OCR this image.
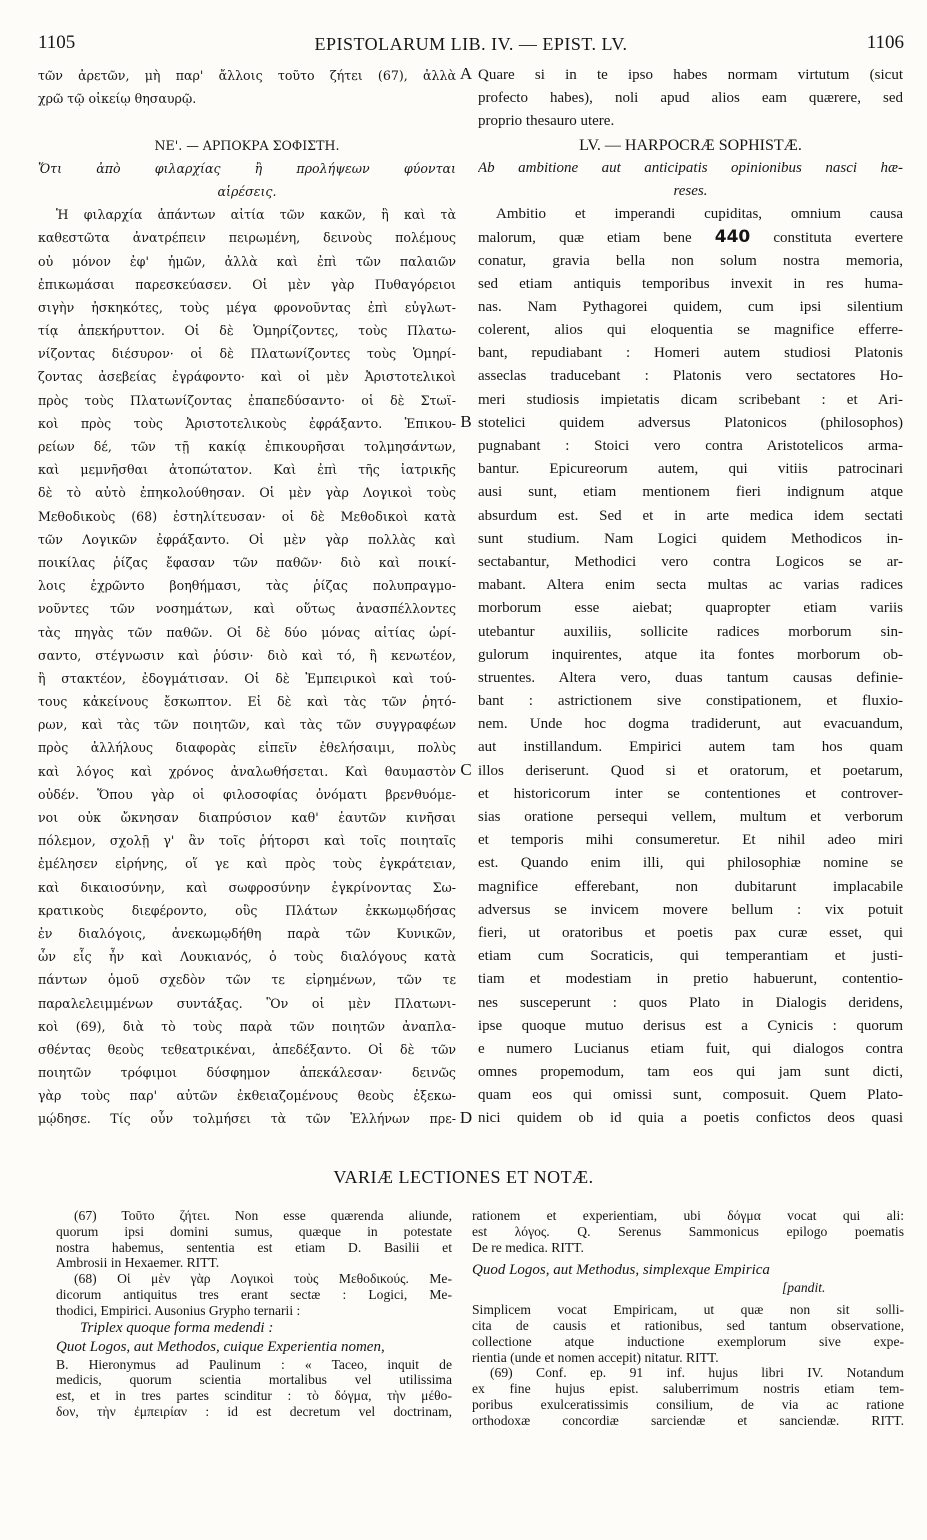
1105	EPISTOLARUM LIB. IV. — EPIST. LV.	1106
τῶν ἀρετῶν, μὴ παρ' ἄλλοις τοῦτο ζήτει (67), ἀλλὰ
χρῶ τῷ οἰκείῳ θησαυρῷ.
ΝΕ'. — ΑΡΠΟΚΡΑ ΣΟΦΙΣΤΗ.
Ὅτι ἀπὸ φιλαρχίας ἢ προλήψεων φύονται
αἱρέσεις.
Ἡ φιλαρχία ἁπάντων αἰτία τῶν κακῶν, ἣ καὶ τὰ
καθεστῶτα ἀνατρέπειν πειρωμένη, δεινοὺς πολέμους
οὐ μόνον ἐφ' ἡμῶν, ἀλλὰ καὶ ἐπὶ τῶν παλαιῶν
ἐπικωμάσαι παρεσκεύασεν. Οἱ μὲν γὰρ Πυθαγόρειοι
σιγὴν ἠσκηκότες, τοὺς μέγα φρονοῦντας ἐπὶ εὐγλωτ-
τίᾳ ἀπεκήρυττον. Οἱ δὲ Ὁμηρίζοντες, τοὺς Πλατω-
νίζοντας διέσυρον· οἱ δὲ Πλατωνίζοντες τοὺς Ὁμηρί-
ζοντας ἀσεβείας ἐγράφοντο· καὶ οἱ μὲν Ἀριστοτελικοὶ
πρὸς τοὺς Πλατωνίζοντας ἐπαπεδύσαντο· οἱ δὲ Στωϊ-
κοὶ πρὸς τοὺς Ἀριστοτελικοὺς ἐφράξαντο. Ἐπικου-
ρείων δέ, τῶν τῇ κακίᾳ ἐπικουρῆσαι τολμησάντων,
καὶ μεμνῆσθαι ἀτοπώτατον. Καὶ ἐπὶ τῆς ἰατρικῆς
δὲ τὸ αὐτὸ ἐπηκολούθησαν. Οἱ μὲν γὰρ Λογικοὶ τοὺς
Μεθοδικοὺς (68) ἐστηλίτευσαν· οἱ δὲ Μεθοδικοὶ κατὰ
τῶν Λογικῶν ἐφράξαντο. Οἱ μὲν γὰρ πολλὰς καὶ
ποικίλας ῥίζας ἔφασαν τῶν παθῶν· διὸ καὶ ποικί-
λοις ἐχρῶντο βοηθήμασι, τὰς ῥίζας πολυπραγμο-
νοῦντες τῶν νοσημάτων, καὶ οὕτως ἀνασπέλλοντες
τὰς πηγὰς τῶν παθῶν. Οἱ δὲ δύο μόνας αἰτίας ὡρί-
σαντο, στέγνωσιν καὶ ῥύσιν· διὸ καὶ τό, ἢ κενωτέον,
ἢ στακτέον, ἐδογμάτισαν. Οἱ δὲ Ἐμπειρικοὶ καὶ τού-
τους κἀκείνους ἔσκωπτον. Εἰ δὲ καὶ τὰς τῶν ῥητό-
ρων, καὶ τὰς τῶν ποιητῶν, καὶ τὰς τῶν συγγραφέων
πρὸς ἀλλήλους διαφορὰς εἰπεῖν ἐθελήσαιμι, πολὺς
καὶ λόγος καὶ χρόνος ἀναλωθήσεται. Καὶ θαυμαστὸν
οὐδέν. Ὅπου γὰρ οἱ φιλοσοφίας ὀνόματι βρενθυόμε-
νοι οὐκ ὤκνησαν διαπρύσιον καθ' ἑαυτῶν κινῆσαι
πόλεμον, σχολῇ γ' ἂν τοῖς ῥήτορσι καὶ τοῖς ποιηταῖς
ἐμέλησεν εἰρήνης, οἵ γε καὶ πρὸς τοὺς ἐγκράτειαν,
καὶ δικαιοσύνην, καὶ σωφροσύνην ἐγκρίνοντας Σω-
κρατικοὺς διεφέροντο, οὓς Πλάτων ἐκκωμῳδήσας
ἐν διαλόγοις, ἀνεκωμῳδήθη παρὰ τῶν Κυνικῶν,
ὧν εἷς ἦν καὶ Λουκιανός, ὁ τοὺς διαλόγους κατὰ
πάντων ὁμοῦ σχεδὸν τῶν τε εἰρημένων, τῶν τε
παραλελειμμένων συντάξας. Ὃν οἱ μὲν Πλατωνι-
κοὶ (69), διὰ τὸ τοὺς παρὰ τῶν ποιητῶν ἀναπλα-
σθέντας θεοὺς τεθεατρικέναι, ἀπεδέξαντο. Οἱ δὲ τῶν
ποιητῶν τρόφιμοι δύσφημον ἀπεκάλεσαν· δεινῶς
γὰρ τοὺς παρ' αὐτῶν ἐκθειαζομένους θεοὺς ἐξεκω-
μῴδησε. Τίς οὖν τολμήσει τὰ τῶν Ἑλλήνων πρε-
A
B
C
D
Quare si in te ipso habes normam virtutum (sicut
profecto habes), noli apud alios eam quærere, sed
proprio thesauro utere.
LV. — HARPOCRÆ SOPHISTÆ.
Ab ambitione aut anticipatis opinionibus nasci hæ-
reses.
Ambitio et imperandi cupiditas, omnium causa
malorum, quæ etiam bene 440 constituta evertere
conatur, gravia bella non solum nostra memoria,
sed etiam antiquis temporibus invexit in res huma-
nas. Nam Pythagorei quidem, cum ipsi silentium
colerent, alios qui eloquentia se magnifice efferre-
bant, repudiabant : Homeri autem studiosi Platonis
asseclas traducebant : Platonis vero sectatores Ho-
meri studiosis impietatis dicam scribebant : et Ari-
stotelici quidem adversus Platonicos (philosophos)
pugnabant : Stoici vero contra Aristotelicos arma-
bantur. Epicureorum autem, qui vitiis patrocinari
ausi sunt, etiam mentionem fieri indignum atque
absurdum est. Sed et in arte medica idem sectati
sunt studium. Nam Logici quidem Methodicos in-
sectabantur, Methodici vero contra Logicos se ar-
mabant. Altera enim secta multas ac varias radices
morborum esse aiebat; quapropter etiam variis
utebantur auxiliis, sollicite radices morborum sin-
gulorum inquirentes, atque ita fontes morborum ob-
struentes. Altera vero, duas tantum causas definie-
bant : astrictionem sive constipationem, et fluxio-
nem. Unde hoc dogma tradiderunt, aut evacuandum,
aut instillandum. Empirici autem tam hos quam
illos deriserunt. Quod si et oratorum, et poetarum,
et historicorum inter se contentiones et controver-
sias oratione persequi vellem, multum et verborum
et temporis mihi consumeretur. Et nihil adeo miri
est. Quando enim illi, qui philosophiæ nomine se
magnifice efferebant, non dubitarunt implacabile
adversus se invicem movere bellum : vix potuit
fieri, ut oratoribus et poetis pax curæ esset, qui
etiam cum Socraticis, qui temperantiam et justi-
tiam et modestiam in pretio habuerunt, contentio-
nes susceperunt : quos Plato in Dialogis deridens,
ipse quoque mutuo derisus est a Cynicis : quorum
e numero Lucianus etiam fuit, qui dialogos contra
omnes propemodum, tam eos qui jam sunt dicti,
quam eos qui omissi sunt, composuit. Quem Plato-
nici quidem ob id quia a poetis confictos deos quasi
VARIÆ LECTIONES ET NOTÆ.
(67) Τοῦτο ζήτει. Non esse quærenda aliunde,
quorum ipsi domini sumus, quæque in potestate
nostra habemus, sententia est etiam D. Basilii et
Ambrosii in Hexaemer. RITT.
(68) Οἱ μὲν γὰρ Λογικοὶ τοὺς Μεθοδικούς. Me-
dicorum antiquitus tres erant sectæ : Logici, Me-
thodici, Empirici. Ausonius Grypho ternarii :
Triplex quoque forma medendi :
Quot Logos, aut Methodos, cuique Experientia nomen,
B. Hieronymus ad Paulinum : « Taceo, inquit de
medicis, quorum scientia mortalibus vel utilissima
est, et in tres partes scinditur : τὸ δόγμα, τὴν μέθο-
δον, τὴν ἐμπειρίαν : id est decretum vel doctrinam,
rationem et experientiam, ubi δόγμα vocat qui ali:
est λόγος. Q. Serenus Sammonicus epilogo poematis
De re medica. RITT.
Quod Logos, aut Methodus, simplexque Empirica
[pandit.
Simplicem vocat Empiricam, ut quæ non sit solli-
cita de causis et rationibus, sed tantum observatione,
collectione atque inductione exemplorum sive expe-
rientia (unde et nomen accepit) nitatur. RITT.
(69) Conf. ep. 91 inf. hujus libri IV. Notandum
ex fine hujus epist. saluberrimum nostris etiam tem-
poribus exulceratissimis consilium, de via ac ratione
orthodoxæ concordiæ sarciendæ et sanciendæ. RITT.
